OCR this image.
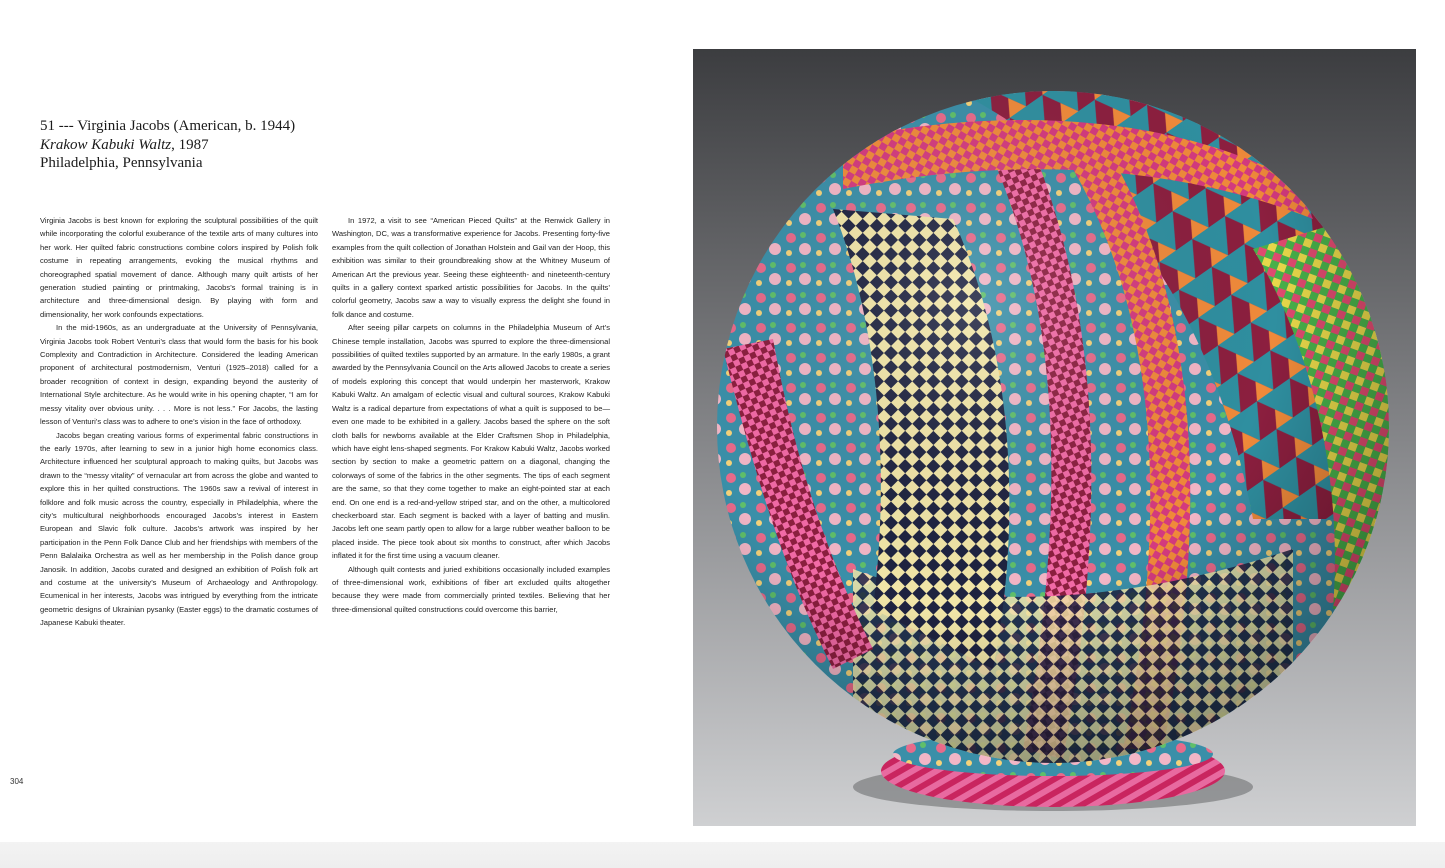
51 --- Virginia Jacobs (American, b. 1944)
Krakow Kabuki Waltz, 1987
Philadelphia, Pennsylvania

Virginia Jacobs is best known for exploring the sculptural possibilities of the quilt while incorporating the colorful exuberance of the textile arts of many cultures into her work. Her quilted fabric constructions combine colors inspired by Polish folk costume in repeating arrangements, evoking the musical rhythms and choreographed spatial movement of dance. Although many quilt artists of her generation studied painting or printmaking, Jacobs’s formal training is in architecture and three-dimensional design. By playing with form and dimensionality, her work confounds expectations.

In the mid-1960s, as an undergraduate at the University of Pennsylvania, Virginia Jacobs took Robert Venturi’s class that would form the basis for his book Complexity and Contradiction in Architecture. Considered the leading American proponent of architectural postmodernism, Venturi (1925–2018) called for a broader recognition of context in design, expanding beyond the austerity of International Style architecture. As he would write in his opening chapter, “I am for messy vitality over obvious unity. . . . More is not less.” For Jacobs, the lasting lesson of Venturi’s class was to adhere to one’s vision in the face of orthodoxy.

Jacobs began creating various forms of experimental fabric constructions in the early 1970s, after learning to sew in a junior high home economics class. Architecture influenced her sculptural approach to making quilts, but Jacobs was drawn to the “messy vitality” of vernacular art from across the globe and wanted to explore this in her quilted constructions. The 1960s saw a revival of interest in folklore and folk music across the country, especially in Philadelphia, where the city’s multicultural neighborhoods encouraged Jacobs’s interest in Eastern European and Slavic folk culture. Jacobs’s artwork was inspired by her participation in the Penn Folk Dance Club and her friendships with members of the Penn Balalaika Orchestra as well as her membership in the Polish dance group Janosik. In addition, Jacobs curated and designed an exhibition of Polish folk art and costume at the university’s Museum of Archaeology and Anthropology. Ecumenical in her interests, Jacobs was intrigued by everything from the intricate geometric designs of Ukrainian pysanky (Easter eggs) to the dramatic costumes of Japanese Kabuki theater.

In 1972, a visit to see “American Pieced Quilts” at the Renwick Gallery in Washington, DC, was a transformative experience for Jacobs. Presenting forty-five examples from the quilt collection of Jonathan Holstein and Gail van der Hoop, this exhibition was similar to their groundbreaking show at the Whitney Museum of American Art the previous year. Seeing these eighteenth- and nineteenth-century quilts in a gallery context sparked artistic possibilities for Jacobs. In the quilts’ colorful geometry, Jacobs saw a way to visually express the delight she found in folk dance and costume.

After seeing pillar carpets on columns in the Philadelphia Museum of Art’s Chinese temple installation, Jacobs was spurred to explore the three-dimensional possibilities of quilted textiles supported by an armature. In the early 1980s, a grant awarded by the Pennsylvania Council on the Arts allowed Jacobs to create a series of models exploring this concept that would underpin her masterwork, Krakow Kabuki Waltz. An amalgam of eclectic visual and cultural sources, Krakow Kabuki Waltz is a radical departure from expectations of what a quilt is supposed to be—even one made to be exhibited in a gallery. Jacobs based the sphere on the soft cloth balls for newborns available at the Elder Craftsmen Shop in Philadelphia, which have eight lens-shaped segments. For Krakow Kabuki Waltz, Jacobs worked section by section to make a geometric pattern on a diagonal, changing the colorways of some of the fabrics in the other segments. The tips of each segment are the same, so that they come together to make an eight-pointed star at each end. On one end is a red-and-yellow striped star, and on the other, a multicolored checkerboard star. Each segment is backed with a layer of batting and muslin. Jacobs left one seam partly open to allow for a large rubber weather balloon to be placed inside. The piece took about six months to construct, after which Jacobs inflated it for the first time using a vacuum cleaner.

Although quilt contests and juried exhibitions occasionally included examples of three-dimensional work, exhibitions of fiber art excluded quilts altogether because they were made from commercially printed textiles. Believing that her three-dimensional quilted constructions could overcome this barrier,

304
